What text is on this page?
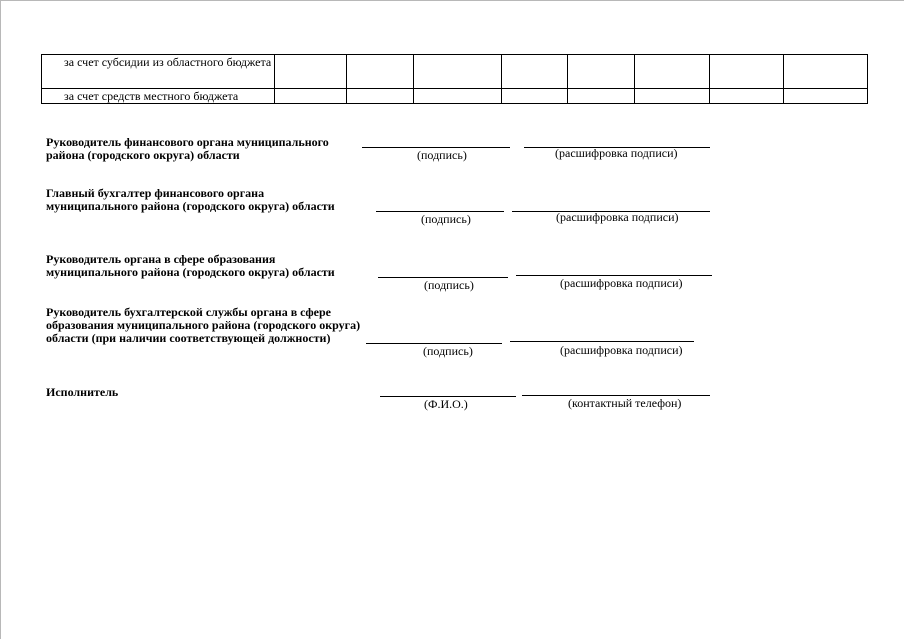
за счет субсидии из областного бюджета								
за счет средств местного бюджета								
Руководитель финансового органа муниципального
района (городского округа) области	(подпись)	(расшифровка подписи)
Главный бухгалтер финансового органа
муниципального района (городского округа) области
(подпись)	(расшифровка подписи)
Руководитель органа в сфере образования
муниципального района (городского округа) области
(подпись)	(расшифровка подписи)
Руководитель бухгалтерской службы органа в сфере
образования муниципального района (городского округа)
области (при наличии соответствующей должности)
(подпись)	(расшифровка подписи)
Исполнитель
(Ф.И.О.)	(контактный телефон)
